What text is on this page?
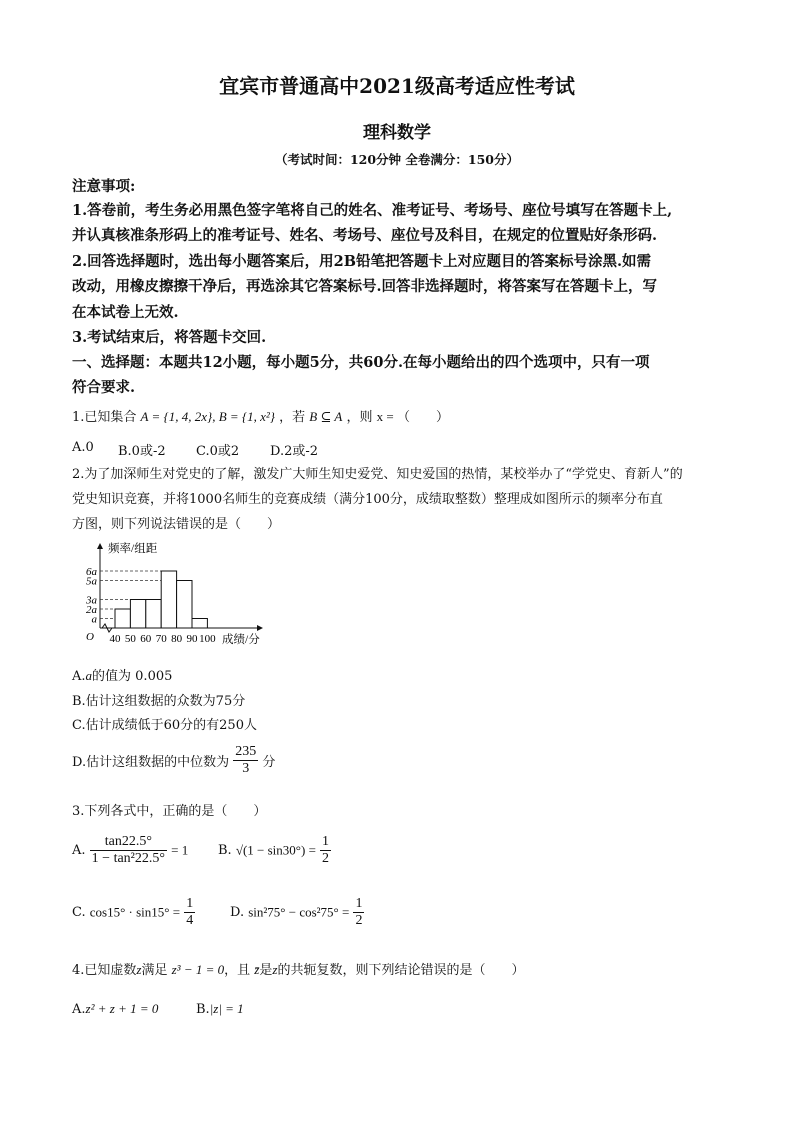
宜宾市普通高中2021级高考适应性考试
理科数学
（考试时间：120分钟 全卷满分：150分）
注意事项:
1.答卷前，考生务必用黑色签字笔将自己的姓名、准考证号、考场号、座位号填写在答题卡上,
并认真核准条形码上的准考证号、姓名、考场号、座位号及科目，在规定的位置贴好条形码.
2.回答选择题时，选出每小题答案后，用2B铅笔把答题卡上对应题目的答案标号涂黑.如需
改动，用橡皮擦擦干净后，再选涂其它答案标号.回答非选择题时，将答案写在答题卡上，写
在本试卷上无效.
3.考试结束后，将答题卡交回.
一、选择题：本题共12小题，每小题5分，共60分.在每小题给出的四个选项中，只有一项
符合要求.
1.已知集合 A = {1, 4, 2x}, B = {1, x²} ，若 B ⊆ A ，则 x = （　　）
A.0 B.0或-2 C.0或2 D.2或-2
2.为了加深师生对党史的了解，激发广大师生知史爱党、知史爱国的热情，某校举办了“学党史、育新人”的
党史知识竞赛，并将1000名师生的竞赛成绩（满分100分，成绩取整数）整理成如图所示的频率分布直
方图，则下列说法错误的是（　　）
6a
5a
3a
2a
a
40 50 60 70 80 90 100
O
频率/组距
成绩/分
A.a的值为 0.005
B.估计这组数据的众数为75分
C.估计成绩低于60分的有250人
D.估计这组数据的中位数为 $\frac{235}{3}$ 分
3.下列各式中，正确的是（　　）
A. $\frac{\tan 22.5^\circ}{\text{1 − tan²22.5°}} = 1$ B. $√(1 - \sin 30^\circ) = \frac{1}{2}$
C. $\cos 15^\circ \cdot \sin 15^\circ = \frac{1}{4}$	D. $\sin^275^\circ - \cos^275^\circ = \frac{1}{2}$
4.已知虚数z满足 z³ − 1 = 0，且 z̄是z的共轭复数，则下列结论错误的是（　　）
A.z² + z + 1 = 0	B.|z| = 1
